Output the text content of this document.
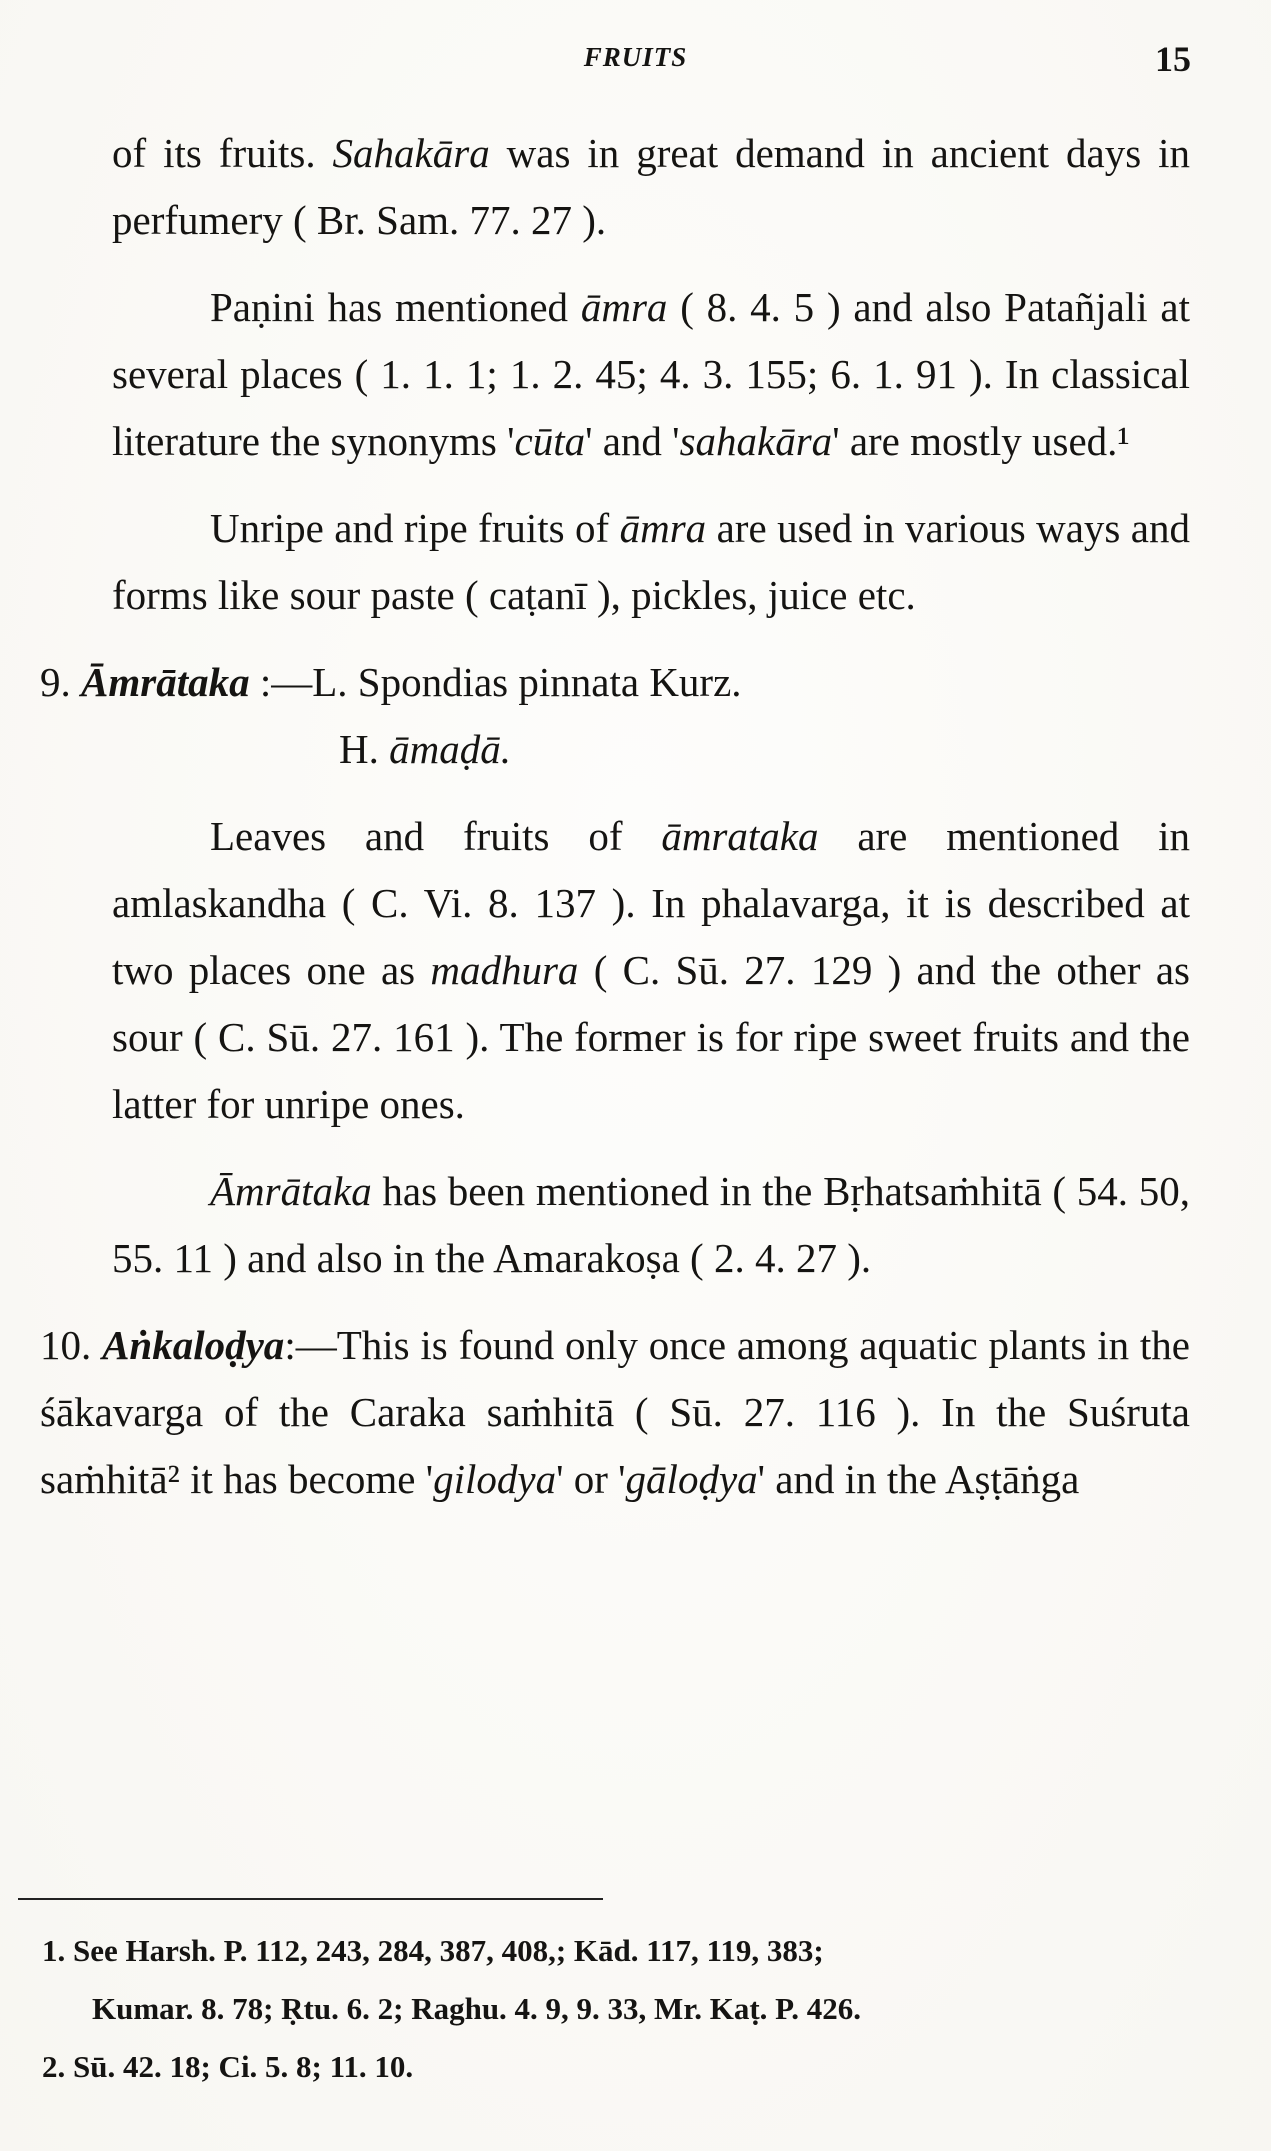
FRUITS	15

of its fruits. Sahakāra was in great demand in ancient days in perfumery ( Br. Sam. 77. 27 ).

Paṇini has mentioned āmra ( 8. 4. 5 ) and also Patañjali at several places ( 1. 1. 1; 1. 2. 45; 4. 3. 155; 6. 1. 91 ). In classical literature the synonyms 'cūta' and 'sahakāra' are mostly used.¹

Unripe and ripe fruits of āmra are used in various ways and forms like sour paste ( caṭanī ), pickles, juice etc.

9. Āmrātaka :—L. Spondias pinnata Kurz.

H. āmaḍā.

Leaves and fruits of āmrataka are mentioned in amlaskandha ( C. Vi. 8. 137 ). In phalavarga, it is described at two places one as madhura ( C. Sū. 27. 129 ) and the other as sour ( C. Sū. 27. 161 ). The former is for ripe sweet fruits and the latter for unripe ones.

Āmrātaka has been mentioned in the Bṛhatsaṁhitā ( 54. 50, 55. 11 ) and also in the Amarakoṣa ( 2. 4. 27 ).

10. Aṅkaloḍya:—This is found only once among aquatic plants in the śākavarga of the Caraka saṁhitā ( Sū. 27. 116 ). In the Suśruta saṁhitā² it has become 'gilodya' or 'gāloḍya' and in the Aṣṭāṅga

1. See Harsh. P. 112, 243, 284, 387, 408,; Kād. 117, 119, 383;

Kumar. 8. 78; Ṛtu. 6. 2; Raghu. 4. 9, 9. 33, Mr. Kaṭ. P. 426.

2. Sū. 42. 18; Ci. 5. 8; 11. 10.
